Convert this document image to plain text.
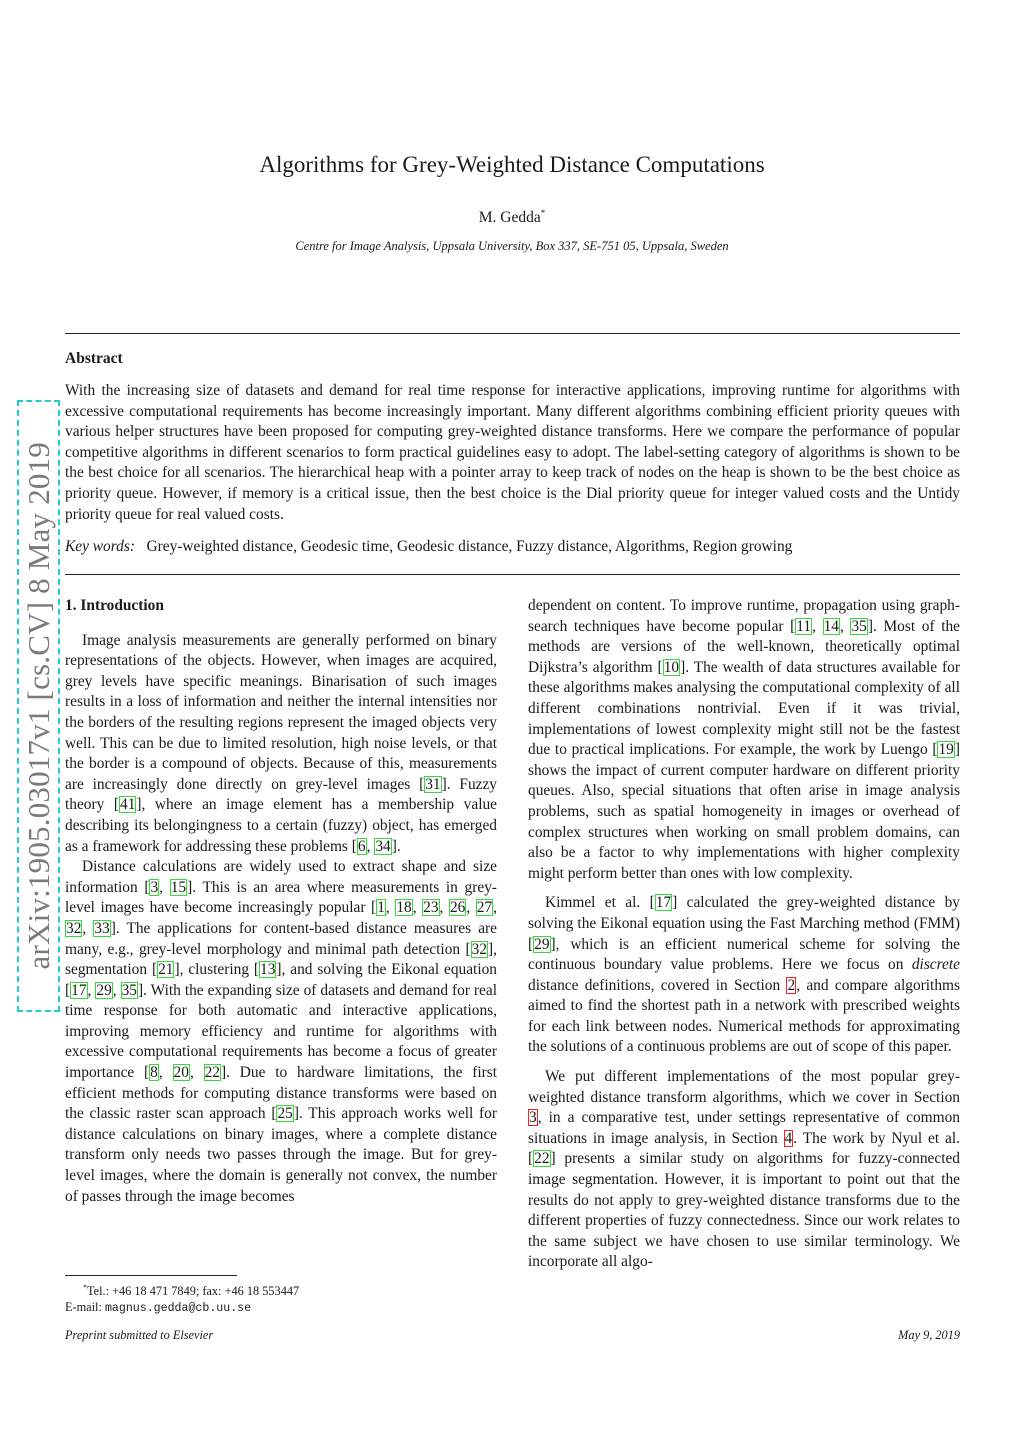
Algorithms for Grey-Weighted Distance Computations
M. Gedda*
Centre for Image Analysis, Uppsala University, Box 337, SE-751 05, Uppsala, Sweden
Abstract
With the increasing size of datasets and demand for real time response for interactive applications, improving runtime for algorithms with excessive computational requirements has become increasingly important. Many different algorithms combining efficient priority queues with various helper structures have been proposed for computing grey-weighted distance transforms. Here we compare the performance of popular competitive algorithms in different scenarios to form practical guidelines easy to adopt. The label-setting category of algorithms is shown to be the best choice for all scenarios. The hierarchical heap with a pointer array to keep track of nodes on the heap is shown to be the best choice as priority queue. However, if memory is a critical issue, then the best choice is the Dial priority queue for integer valued costs and the Untidy priority queue for real valued costs.
Key words: Grey-weighted distance, Geodesic time, Geodesic distance, Fuzzy distance, Algorithms, Region growing
1. Introduction

Image analysis measurements are generally performed on binary representations of the objects. However, when images are acquired, grey levels have specific meanings. Binarisation of such images results in a loss of information and neither the internal intensities nor the borders of the resulting regions represent the imaged objects very well. This can be due to limited resolution, high noise levels, or that the border is a compound of objects. Because of this, measurements are increasingly done directly on grey-level images [31]. Fuzzy theory [41], where an image element has a membership value describing its belongingness to a certain (fuzzy) object, has emerged as a framework for addressing these problems [6, 34].

Distance calculations are widely used to extract shape and size information [3, 15]. This is an area where measurements in grey-level images have become increasingly popular [1, 18, 23, 26, 27, 32, 33]. The applications for content-based distance measures are many, e.g., grey-level morphology and minimal path detection [32], segmentation [21], clustering [13], and solving the Eikonal equation [17, 29, 35]. With the expanding size of datasets and demand for real time response for both automatic and interactive applications, improving memory efficiency and runtime for algorithms with excessive computational requirements has become a focus of greater importance [8, 20, 22]. Due to hardware limitations, the first efficient methods for computing distance transforms were based on the classic raster scan approach [25]. This approach works well for distance calculations on binary images, where a complete distance transform only needs two passes through the image. But for grey-level images, where the domain is generally not convex, the number of passes through the image becomes

dependent on content. To improve runtime, propagation using graph-search techniques have become popular [11, 14, 35]. Most of the methods are versions of the well-known, theoretically optimal Dijkstra’s algorithm [10]. The wealth of data structures available for these algorithms makes analysing the computational complexity of all different combinations nontrivial. Even if it was trivial, implementations of lowest complexity might still not be the fastest due to practical implications. For example, the work by Luengo [19] shows the impact of current computer hardware on different priority queues. Also, special situations that often arise in image analysis problems, such as spatial homogeneity in images or overhead of complex structures when working on small problem domains, can also be a factor to why implementations with higher complexity might perform better than ones with low complexity.

Kimmel et al. [17] calculated the grey-weighted distance by solving the Eikonal equation using the Fast Marching method (FMM) [29], which is an efficient numerical scheme for solving the continuous boundary value problems. Here we focus on discrete distance definitions, covered in Section 2, and compare algorithms aimed to find the shortest path in a network with prescribed weights for each link between nodes. Numerical methods for approximating the solutions of a continuous problems are out of scope of this paper.

We put different implementations of the most popular grey-weighted distance transform algorithms, which we cover in Section 3, in a comparative test, under settings representative of common situations in image analysis, in Section 4. The work by Nyul et al. [22] presents a similar study on algorithms for fuzzy-connected image segmentation. However, it is important to point out that the results do not apply to grey-weighted distance transforms due to the different properties of fuzzy connectedness. Since our work relates to the same subject we have chosen to use similar terminology. We incorporate all algo-

*Tel.: +46 18 471 7849; fax: +46 18 553447
E-mail: magnus.gedda@cb.uu.se
Preprint submitted to Elsevier	May 9, 2019
arXiv:1905.03017v1 [cs.CV] 8 May 2019
